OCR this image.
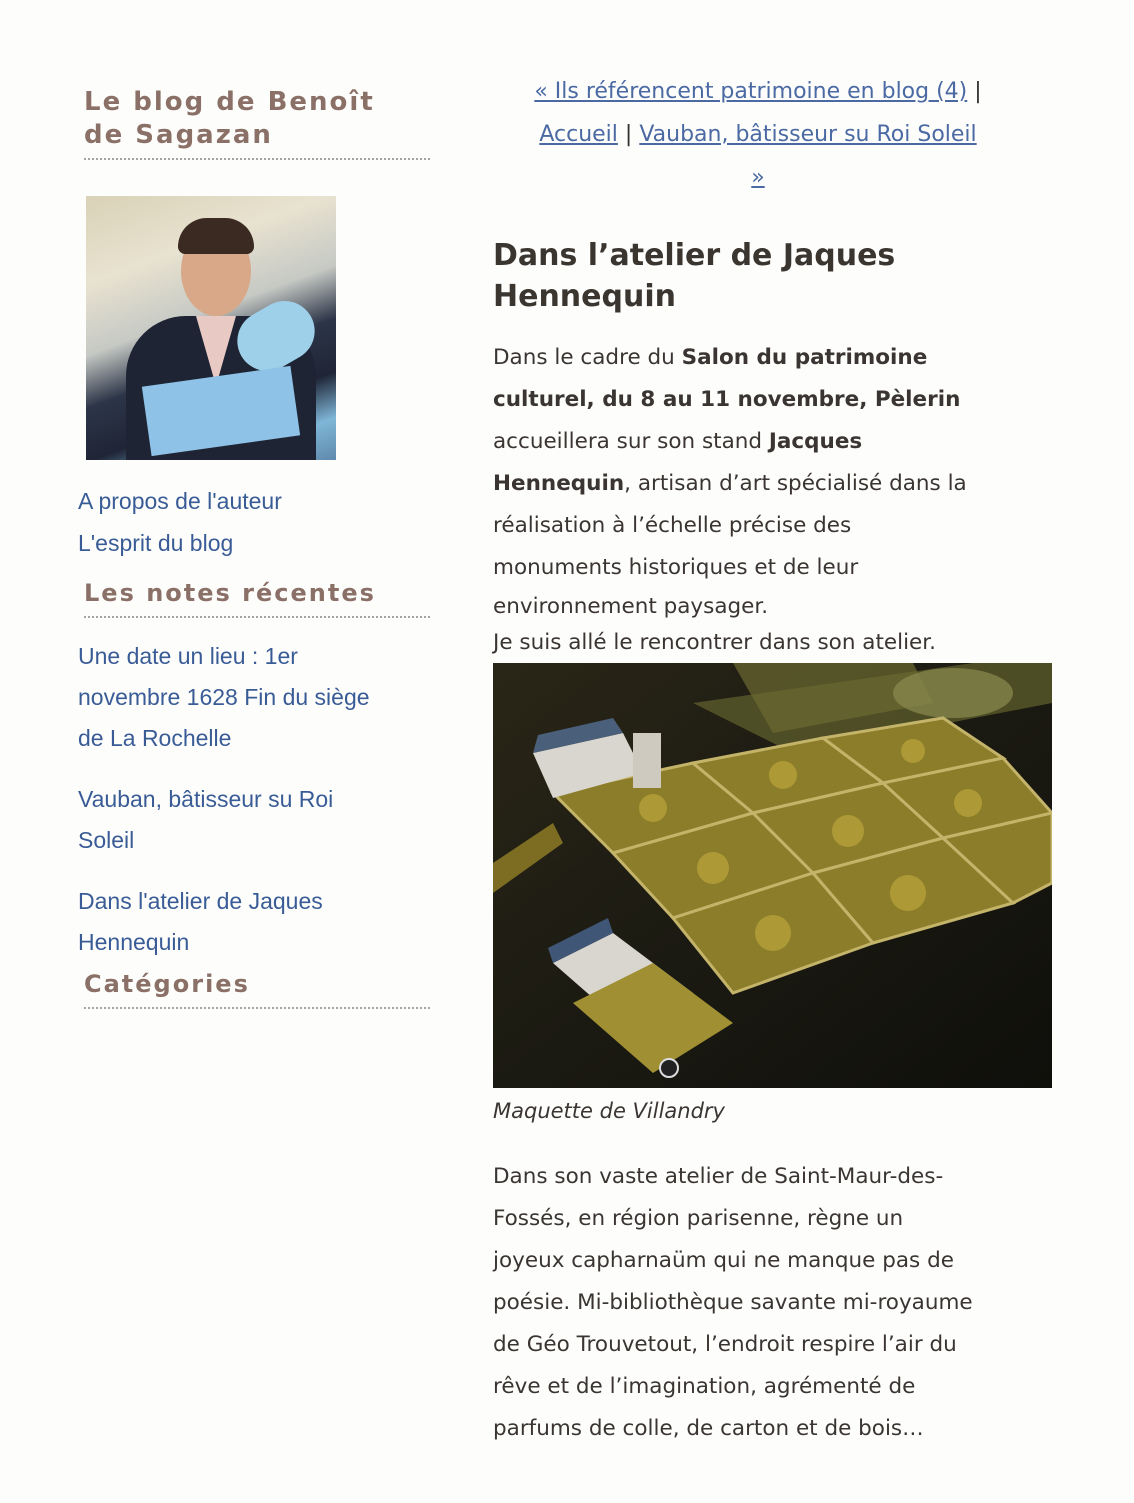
Le blog de Benoît
de Sagazan
A propos de l'auteur
L'esprit du blog
Les notes récentes
Une date un lieu : 1er
novembre 1628 Fin du siège
de La Rochelle
Vauban, bâtisseur su Roi
Soleil
Dans l'atelier de Jaques
Hennequin
Catégories
« Ils référencent patrimoine en blog (4) |
Accueil | Vauban, bâtisseur su Roi Soleil
»
Dans l’atelier de Jaques
Hennequin

Dans le cadre du Salon du patrimoine
culturel, du 8 au 11 novembre, Pèlerin
accueillera sur son stand Jacques
Hennequin, artisan d’art spécialisé dans la
réalisation à l’échelle précise des
monuments historiques et de leur
environnement paysager.
Je suis allé le rencontrer dans son atelier.

Maquette de Villandry

Dans son vaste atelier de Saint-Maur-des-
Fossés, en région parisenne, règne un
joyeux capharnaüm qui ne manque pas de
poésie. Mi-bibliothèque savante mi-royaume
de Géo Trouvetout, l’endroit respire l’air du
rêve et de l’imagination, agrémenté de
parfums de colle, de carton et de bois…
